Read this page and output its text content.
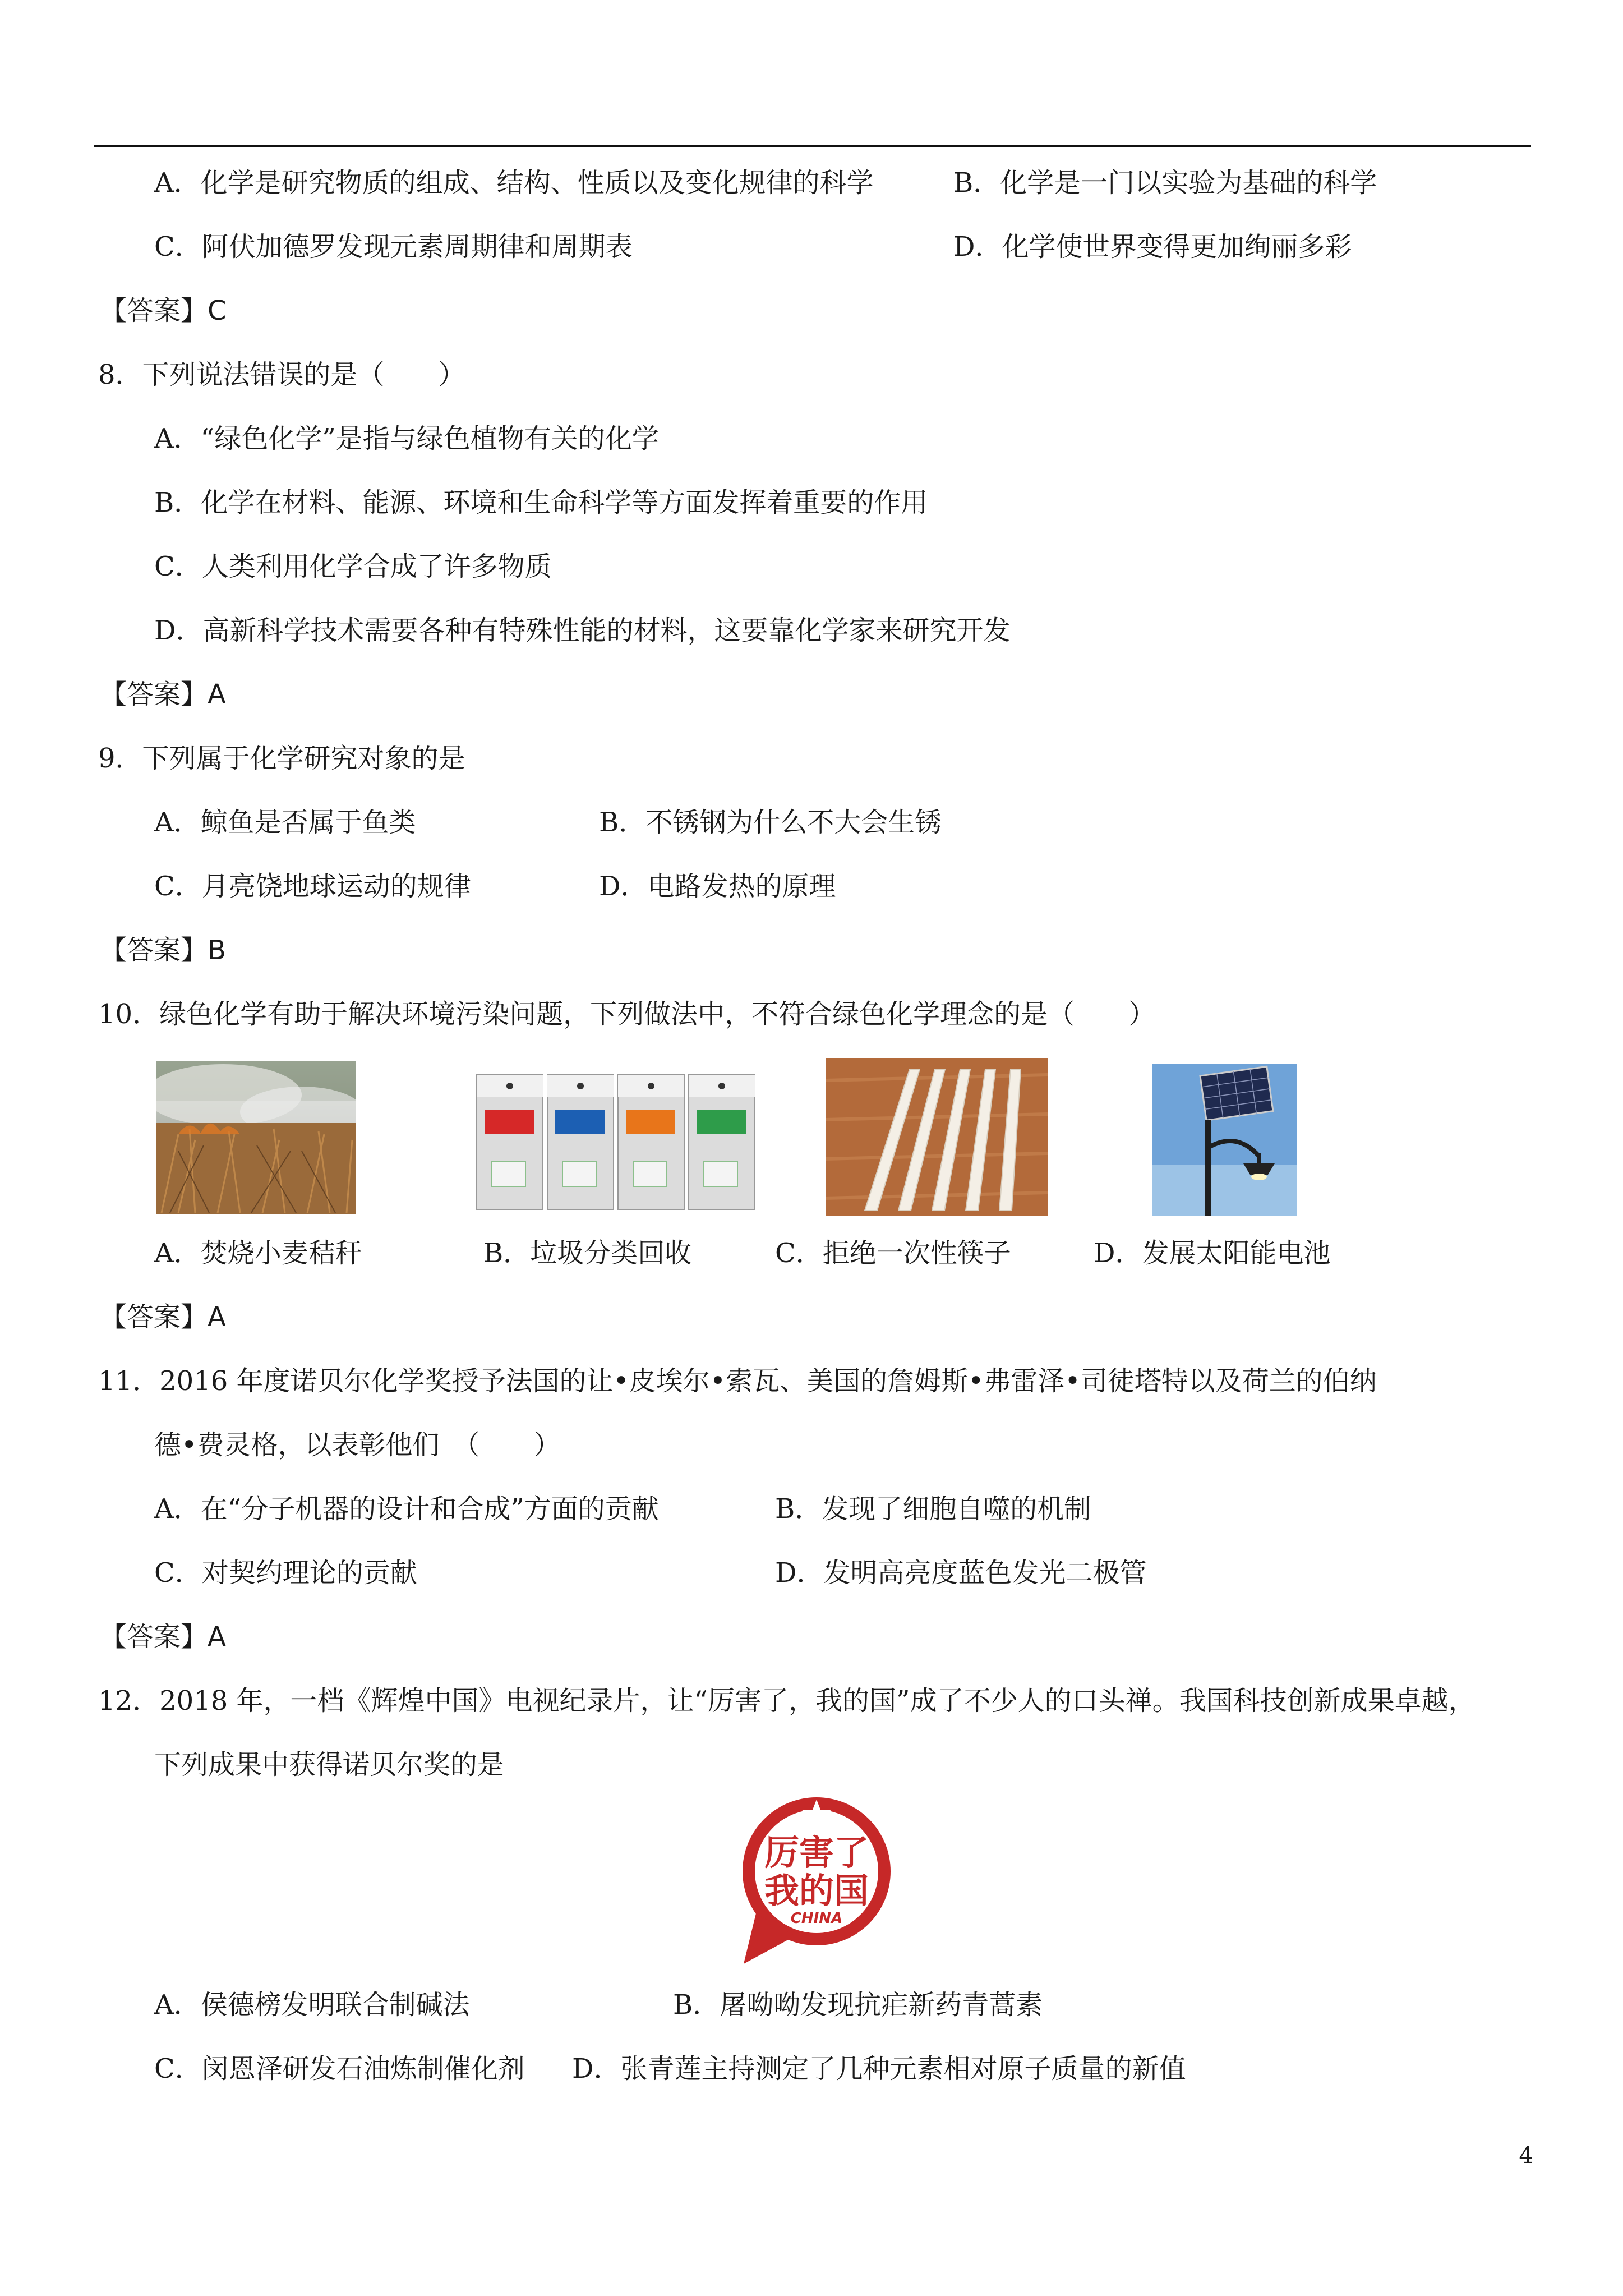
A．化学是研究物质的组成、结构、性质以及变化规律的科学	B．化学是一门以实验为基础的科学
C．阿伏加德罗发现元素周期律和周期表	D．化学使世界变得更加绚丽多彩
【答案】C
8．下列说法错误的是（　　）
A．“绿色化学”是指与绿色植物有关的化学
B．化学在材料、能源、环境和生命科学等方面发挥着重要的作用
C．人类利用化学合成了许多物质
D．高新科学技术需要各种有特殊性能的材料，这要靠化学家来研究开发
【答案】A
9．下列属于化学研究对象的是
A．鲸鱼是否属于鱼类	B．不锈钢为什么不大会生锈
C．月亮饶地球运动的规律	D．电路发热的原理
【答案】B
10．绿色化学有助于解决环境污染问题，下列做法中，不符合绿色化学理念的是（　　）
A．焚烧小麦秸秆	B．垃圾分类回收	C．拒绝一次性筷子	D．发展太阳能电池
【答案】A
11．2016 年度诺贝尔化学奖授予法国的让•皮埃尔•索瓦、美国的詹姆斯•弗雷泽•司徒塔特以及荷兰的伯纳
德•费灵格，以表彰他们　（　　）
A．在“分子机器的设计和合成”方面的贡献	B．发现了细胞自噬的机制
C．对契约理论的贡献	D．发明高亮度蓝色发光二极管
【答案】A
12．2018 年，一档《辉煌中国》电视纪录片，让“厉害了，我的国”成了不少人的口头禅。我国科技创新成果卓越，
下列成果中获得诺贝尔奖的是
厉害了
我的国
CHINA
A．侯德榜发明联合制碱法	B．屠呦呦发现抗疟新药青蒿素
C．闵恩泽研发石油炼制催化剂 D．张青莲主持测定了几种元素相对原子质量的新值
4
